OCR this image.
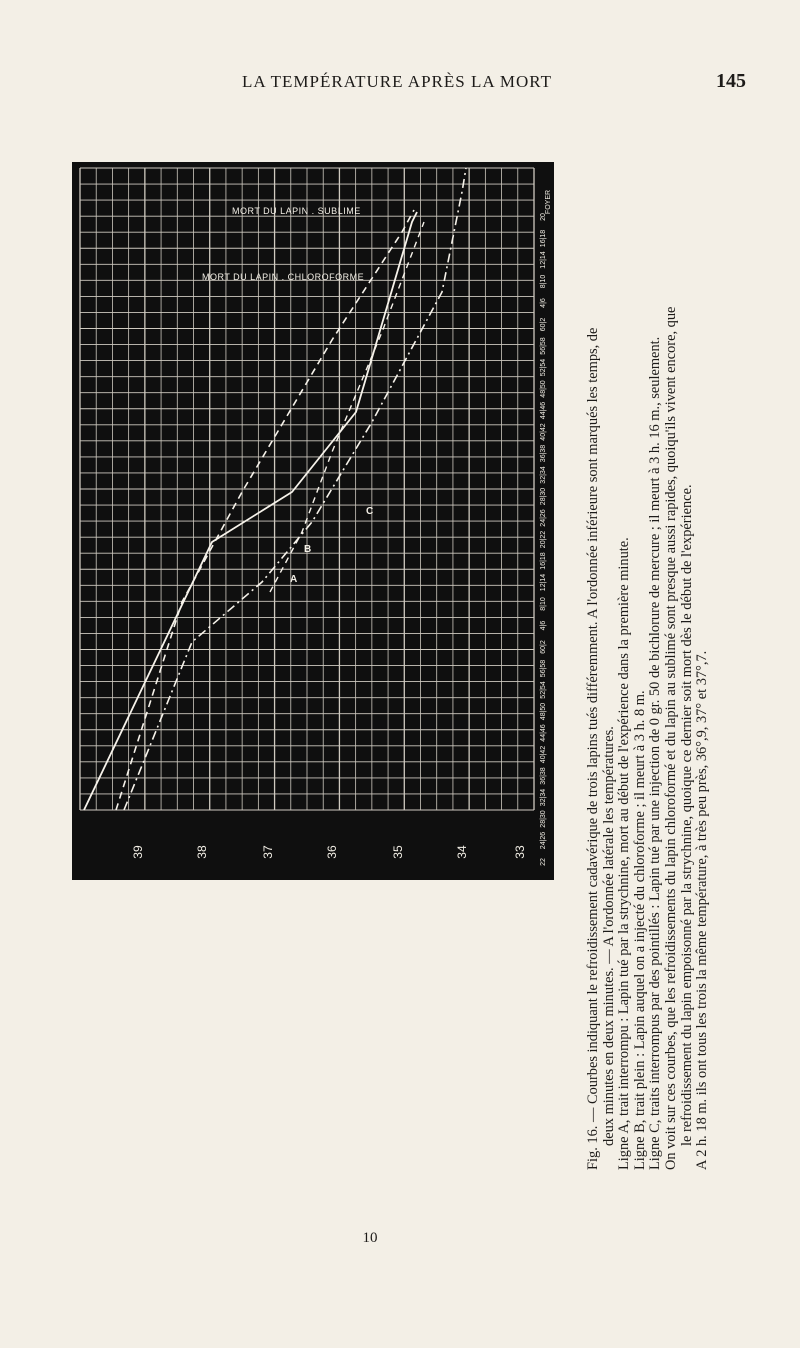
LA TEMPÉRATURE APRÈS LA MORT	145
22
24|26
28|30
32|34
36|38
40|42
44|46
48|50
52|54
56|58
60|2
4|6
8|10
12|14
16|18
20|22
24|26
28|30
32|34
36|38
40|42
44|46
48|50
52|54
56|58
60|2
4|6
8|10
12|14
16|18
20
FOYER
39	38	37	36	35	34	33
MORT DU LAPIN . SUBLIME
MORT DU LAPIN . CHLOROFORME
A
B
C

Fig. 16. — Courbes indiquant le refroidissement cadavérique de trois lapins tués différemment. A l'ordonnée inférieure sont marqués les temps, de deux minutes en deux minutes. — A l'ordonnée latérale les températures. Ligne A, trait interrompu : Lapin tué par la strychnine, mort au début de l'expérience dans la première minute. Ligne B, trait plein : Lapin auquel on a injecté du chloroforme ; il meurt à 3 h. 8 m. Ligne C, traits interrompus par des pointillés : Lapin tué par une injection de 0 gr. 50 de bichlorure de mercure ; il meurt à 3 h. 16 m., seulement. On voit sur ces courbes, que les refroidissements du lapin chloroformé et du lapin au sublimé sont presque aussi rapides, quoiqu'ils vivent encore, que le refroidissement du lapin empoisonné par la strychnine, quoique ce dernier soit mort dès le début de l'expérience. A 2 h. 18 m. ils ont tous les trois la même température, à très peu près, 36°,9, 37° et 37°,7.

10
